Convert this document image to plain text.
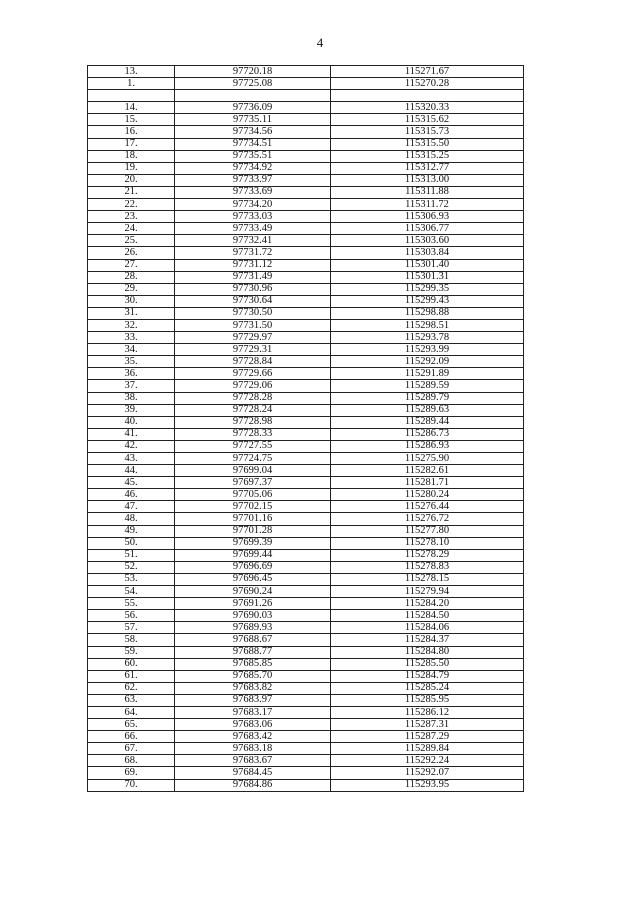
4
13.	97720.18	115271.67
1.	97725.08	115270.28

14.	97736.09	115320.33
15.	97735.11	115315.62
16.	97734.56	115315.73
17.	97734.51	115315.50
18.	97735.51	115315.25
19.	97734.92	115312.77
20.	97733.97	115313.00
21.	97733.69	115311.88
22.	97734.20	115311.72
23.	97733.03	115306.93
24.	97733.49	115306.77
25.	97732.41	115303.60
26.	97731.72	115303.84
27.	97731.12	115301.40
28.	97731.49	115301.31
29.	97730.96	115299.35
30.	97730.64	115299.43
31.	97730.50	115298.88
32.	97731.50	115298.51
33.	97729.97	115293.78
34.	97729.31	115293.99
35.	97728.84	115292.09
36.	97729.66	115291.89
37.	97729.06	115289.59
38.	97728.28	115289.79
39.	97728.24	115289.63
40.	97728.98	115289.44
41.	97728.33	115286.73
42.	97727.55	115286.93
43.	97724.75	115275.90
44.	97699.04	115282.61
45.	97697.37	115281.71
46.	97705.06	115280.24
47.	97702.15	115276.44
48.	97701.16	115276.72
49.	97701.28	115277.80
50.	97699.39	115278.10
51.	97699.44	115278.29
52.	97696.69	115278.83
53.	97696.45	115278.15
54.	97690.24	115279.94
55.	97691.26	115284.20
56.	97690.03	115284.50
57.	97689.93	115284.06
58.	97688.67	115284.37
59.	97688.77	115284.80
60.	97685.85	115285.50
61.	97685.70	115284.79
62.	97683.82	115285.24
63.	97683.97	115285.95
64.	97683.17	115286.12
65.	97683.06	115287.31
66.	97683.42	115287.29
67.	97683.18	115289.84
68.	97683.67	115292.24
69.	97684.45	115292.07
70.	97684.86	115293.95
